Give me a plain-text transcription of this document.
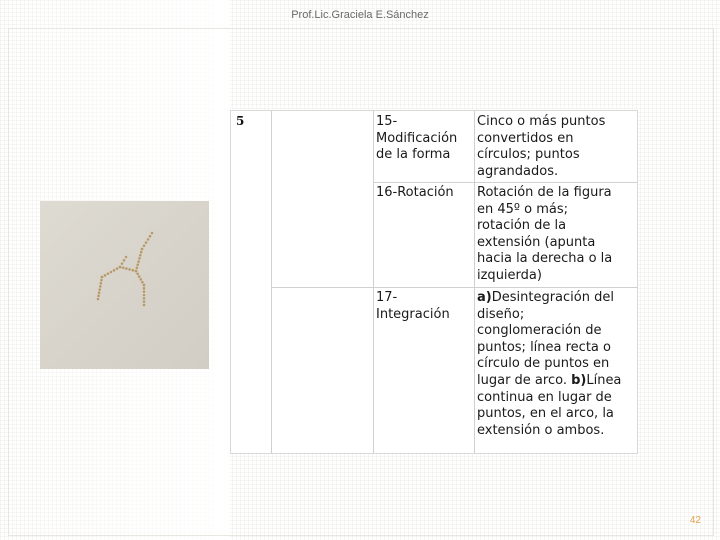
Prof.Lic.Graciela E.Sánchez
5	15-
Modificación
de la forma
Cinco o más puntos
convertidos en
círculos; puntos
agrandados.
16-Rotación Rotación de la figura
en 45º o más;
rotación de la
extensión (apunta
hacia la derecha o la
izquierda)
17-
Integración
a)Desintegración del
diseño;
conglomeración de
puntos; línea recta o
círculo de puntos en
lugar de arco. b)Línea
continua en lugar de
puntos, en el arco, la
extensión o ambos.
42
